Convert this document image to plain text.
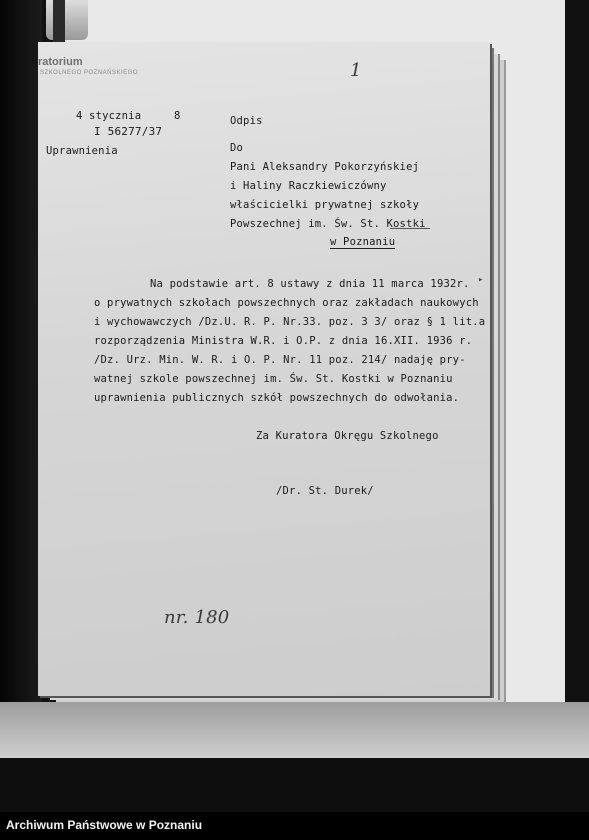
ratorium
SZKOLNEGO POZNAŃSKIEGO	1
4 stycznia	8
I 56277/37
Uprawnienia
Odpis
Do
Pani Aleksandry Pokorzyńskiej
i Haliny Raczkiewiczówny
właścicielki prywatnej szkoły
Powszechnej im. Św. St. Kostki
w Poznaniu
Na podstawie art. 8 ustawy z dnia 11 marca 1932r.
o prywatnych szkołach powszechnych oraz zakładach naukowych
i wychowawczych /Dz.U. R. P. Nr.33. poz. 3 3/ oraz § 1 lit.a
rozporządzenia Ministra W.R. i O.P. z dnia 16.XII. 1936 r.
/Dz. Urz. Min. W. R. i O. P. Nr. 11 poz. 214/ nadaję pry-
watnej szkole powszechnej im. Św. St. Kostki w Poznaniu
uprawnienia publicznych szkół powszechnych do odwołania.
Za Kuratora Okręgu Szkolnego
/Dr. St. Durek/
nr. 180
▸
Archiwum Państwowe w Poznaniu
